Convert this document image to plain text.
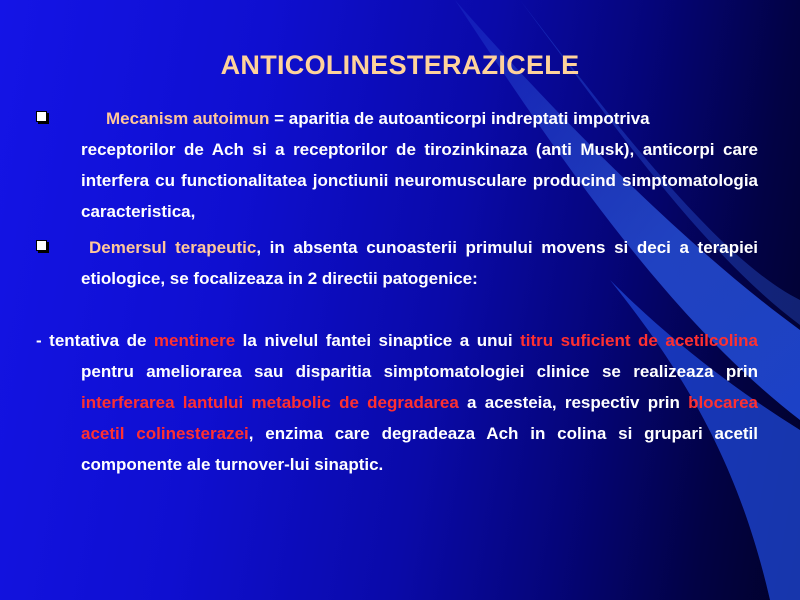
ANTICOLINESTERAZICELE
Mecanism autoimun = aparitia de autoanticorpi indreptati impotriva
receptorilor de Ach si a receptorilor de tirozinkinaza (anti Musk), anticorpi care interfera cu functionalitatea jonctiunii neuromusculare producind simptomatologia caracteristica,
Demersul terapeutic, in absenta cunoasterii primului movens si deci a terapiei etiologice, se focalizeaza in 2 directii patogenice:
- tentativa de mentinere la nivelul fantei sinaptice a unui titru suficient de acetilcolina pentru ameliorarea sau disparitia simptomatologiei clinice se realizeaza prin interferarea lantului metabolic de degradarea a acesteia, respectiv prin blocarea acetil colinesterazei, enzima care degradeaza Ach in colina si grupari acetil componente ale turnover-lui sinaptic.
